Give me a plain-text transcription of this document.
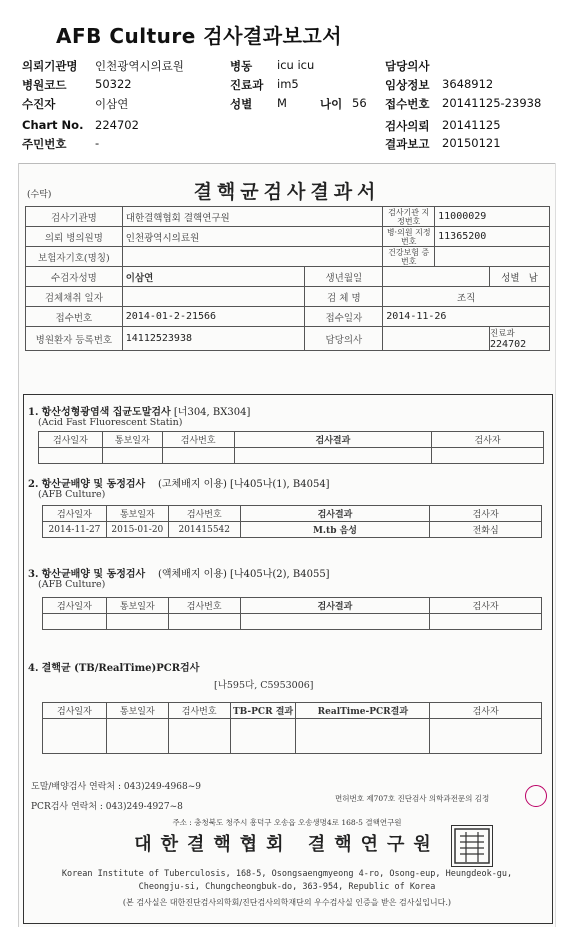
AFB Culture 검사결과보고서
의뢰기관명 인천광역시의료원	병동 icu icu	담당의사
병원코드 50322	진료과 im5	임상정보 3648912
수진자	이삼연	성별 M	나이 56 접수번호 20141125-23938
Chart No. 224702	검사의뢰 20141125
주민번호 -	결과보고 20150121
(수탁)	결핵균검사결과서
검사기관명	대한결핵협회 결핵연구원		검사기관 지정번호	11000029	
의뢰 병의원명	인천광역시의료원		병·의원 지정번호	11365200	
보험자기호(명칭)			건강보험 증번호		
수검자성명	이삼연	생년월일			성별 남
검체채취 일자		검 체 명	조직		
접수번호	2014-01-2-21566	접수일자	2014-11-26		
병원환자 등록번호	14112523938	담당의사			진료과 224702
1. 항산성형광염색 집균도말검사 [너304, BX304]
(Acid Fast Fluorescent Statin)
검사일자	통보일자	검사번호	검사결과	검사자

2. 항산균배양 및 동정검사 (고체배지 이용) [나405나(1), B4054]
(AFB Culture)
검사일자	통보일자	검사번호	검사결과	검사자
2014-11-27	2015-01-20	201415542	M.tb 음성	전화심
3. 항산균배양 및 동정검사 (액체배지 이용) [나405나(2), B4055]
(AFB Culture)
검사일자	통보일자	검사번호	검사결과	검사자

4. 결핵균 (TB/RealTime)PCR검사
[나595다, C5953006]
검사일자	통보일자	검사번호	TB-PCR 결과	RealTime-PCR결과	검사자

도말/배양검사 연락처 : 043)249-4968~9
PCR검사 연락처 : 043)249-4927~8
면허번호 제707호 진단검사 의학과전문의 김정
주소 : 충청북도 청주시 흥덕구 오송읍 오송생명4로 168-5 결핵연구원
대한결핵협회 결핵연구원
Korean Institute of Tuberculosis, 168-5, Osongsaengmyeong 4-ro, Osong-eup, Heungdeok-gu,
Cheongju-si, Chungcheongbuk-do, 363-954, Republic of Korea
(본 검사실은 대한진단검사의학회/진단검사의학재단의 우수검사실 인증을 받은 검사실입니다.)
